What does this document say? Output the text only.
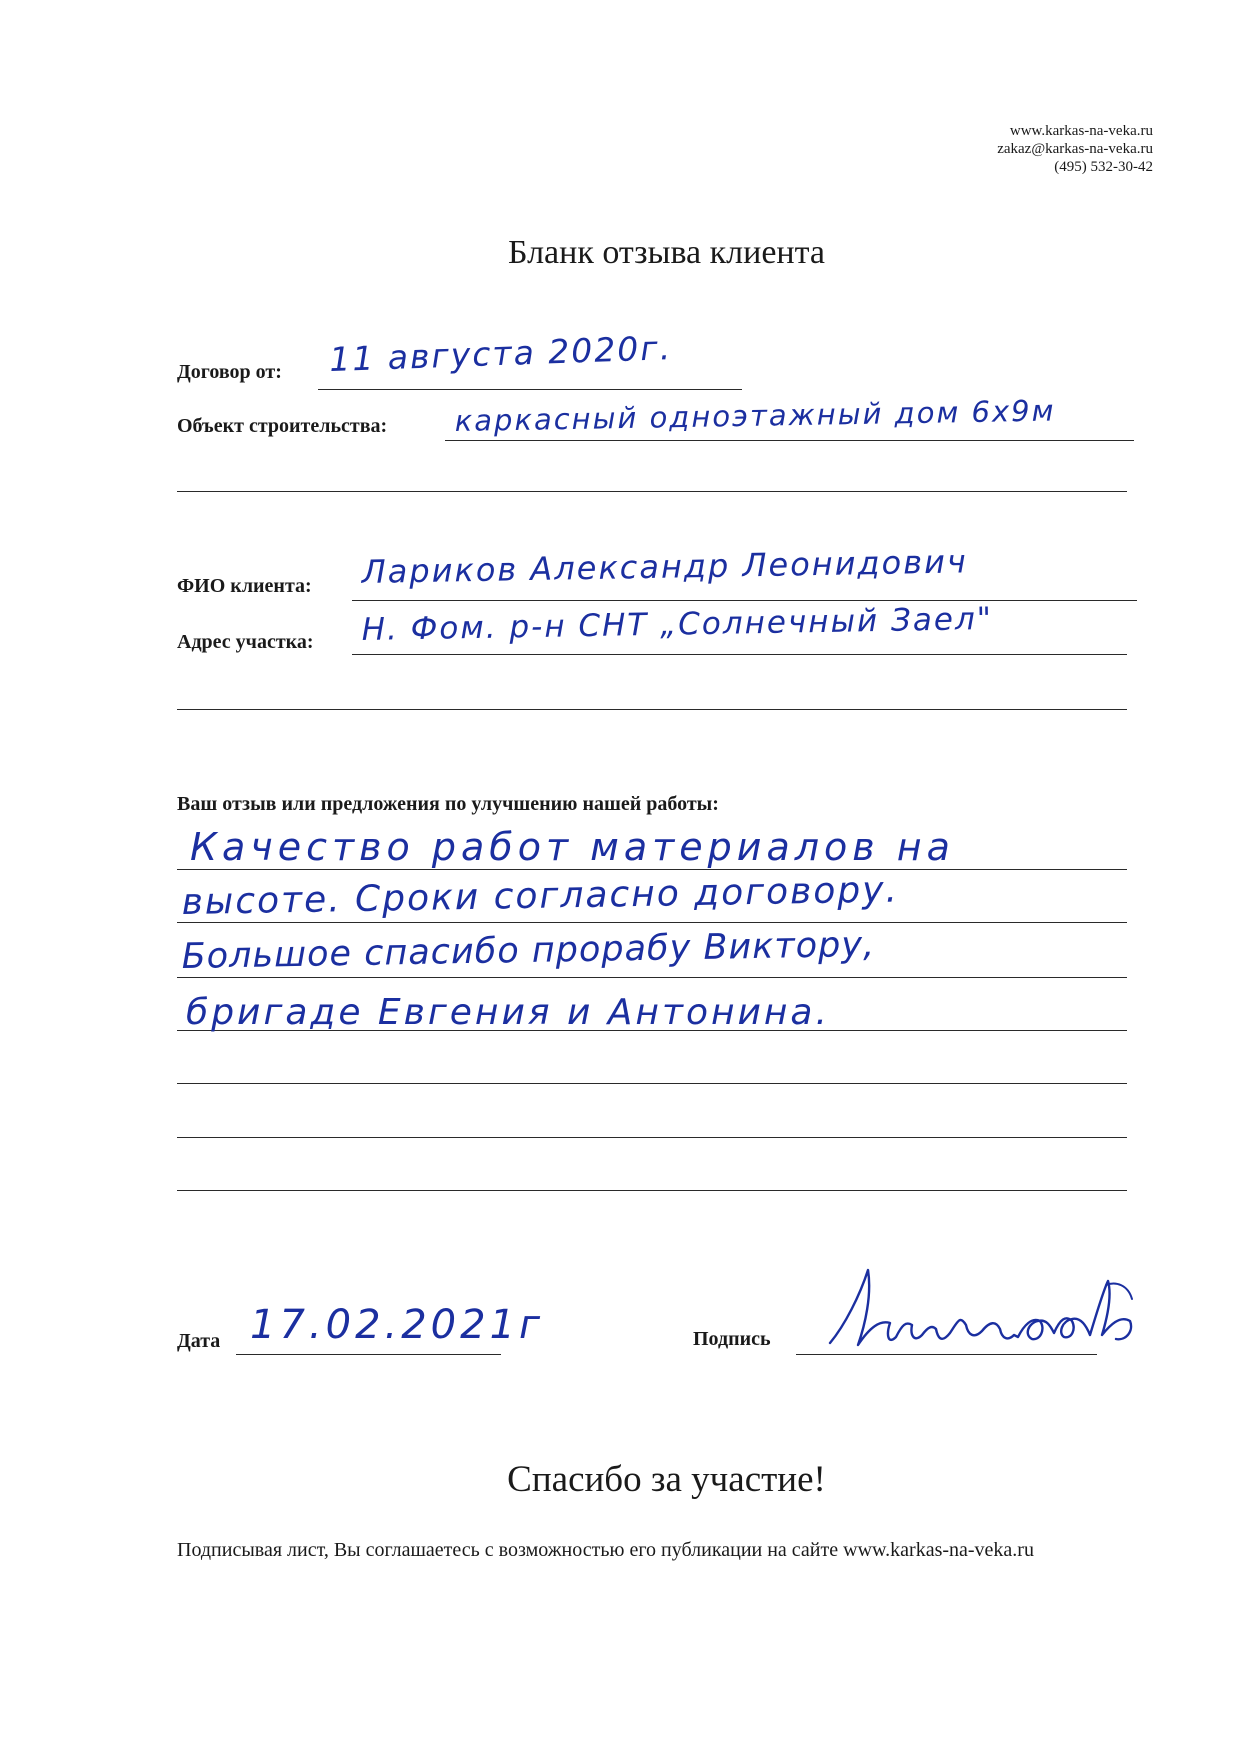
www.karkas-na-veka.ru
zakaz@karkas-na-veka.ru
(495) 532-30-42
Бланк отзыва клиента
Договор от: 11 августа 2020г.
Объект строительства: каркасный одноэтажный дом 6х9м
ФИО клиента: Лариков Александр Леонидович
Адрес участка: Н. Фом. р-н СНТ „Солнечный Заел"
Ваш отзыв или предложения по улучшению нашей работы:
Качество работ материалов на
высоте. Сроки согласно договору.
Большое спасибо прорабу Виктору,
бригаде Евгения и Антонина.
Дата 17.02.2021г	Подпись
Спасибо за участие!
Подписывая лист, Вы соглашаетесь с возможностью его публикации на сайте www.karkas-na-veka.ru
